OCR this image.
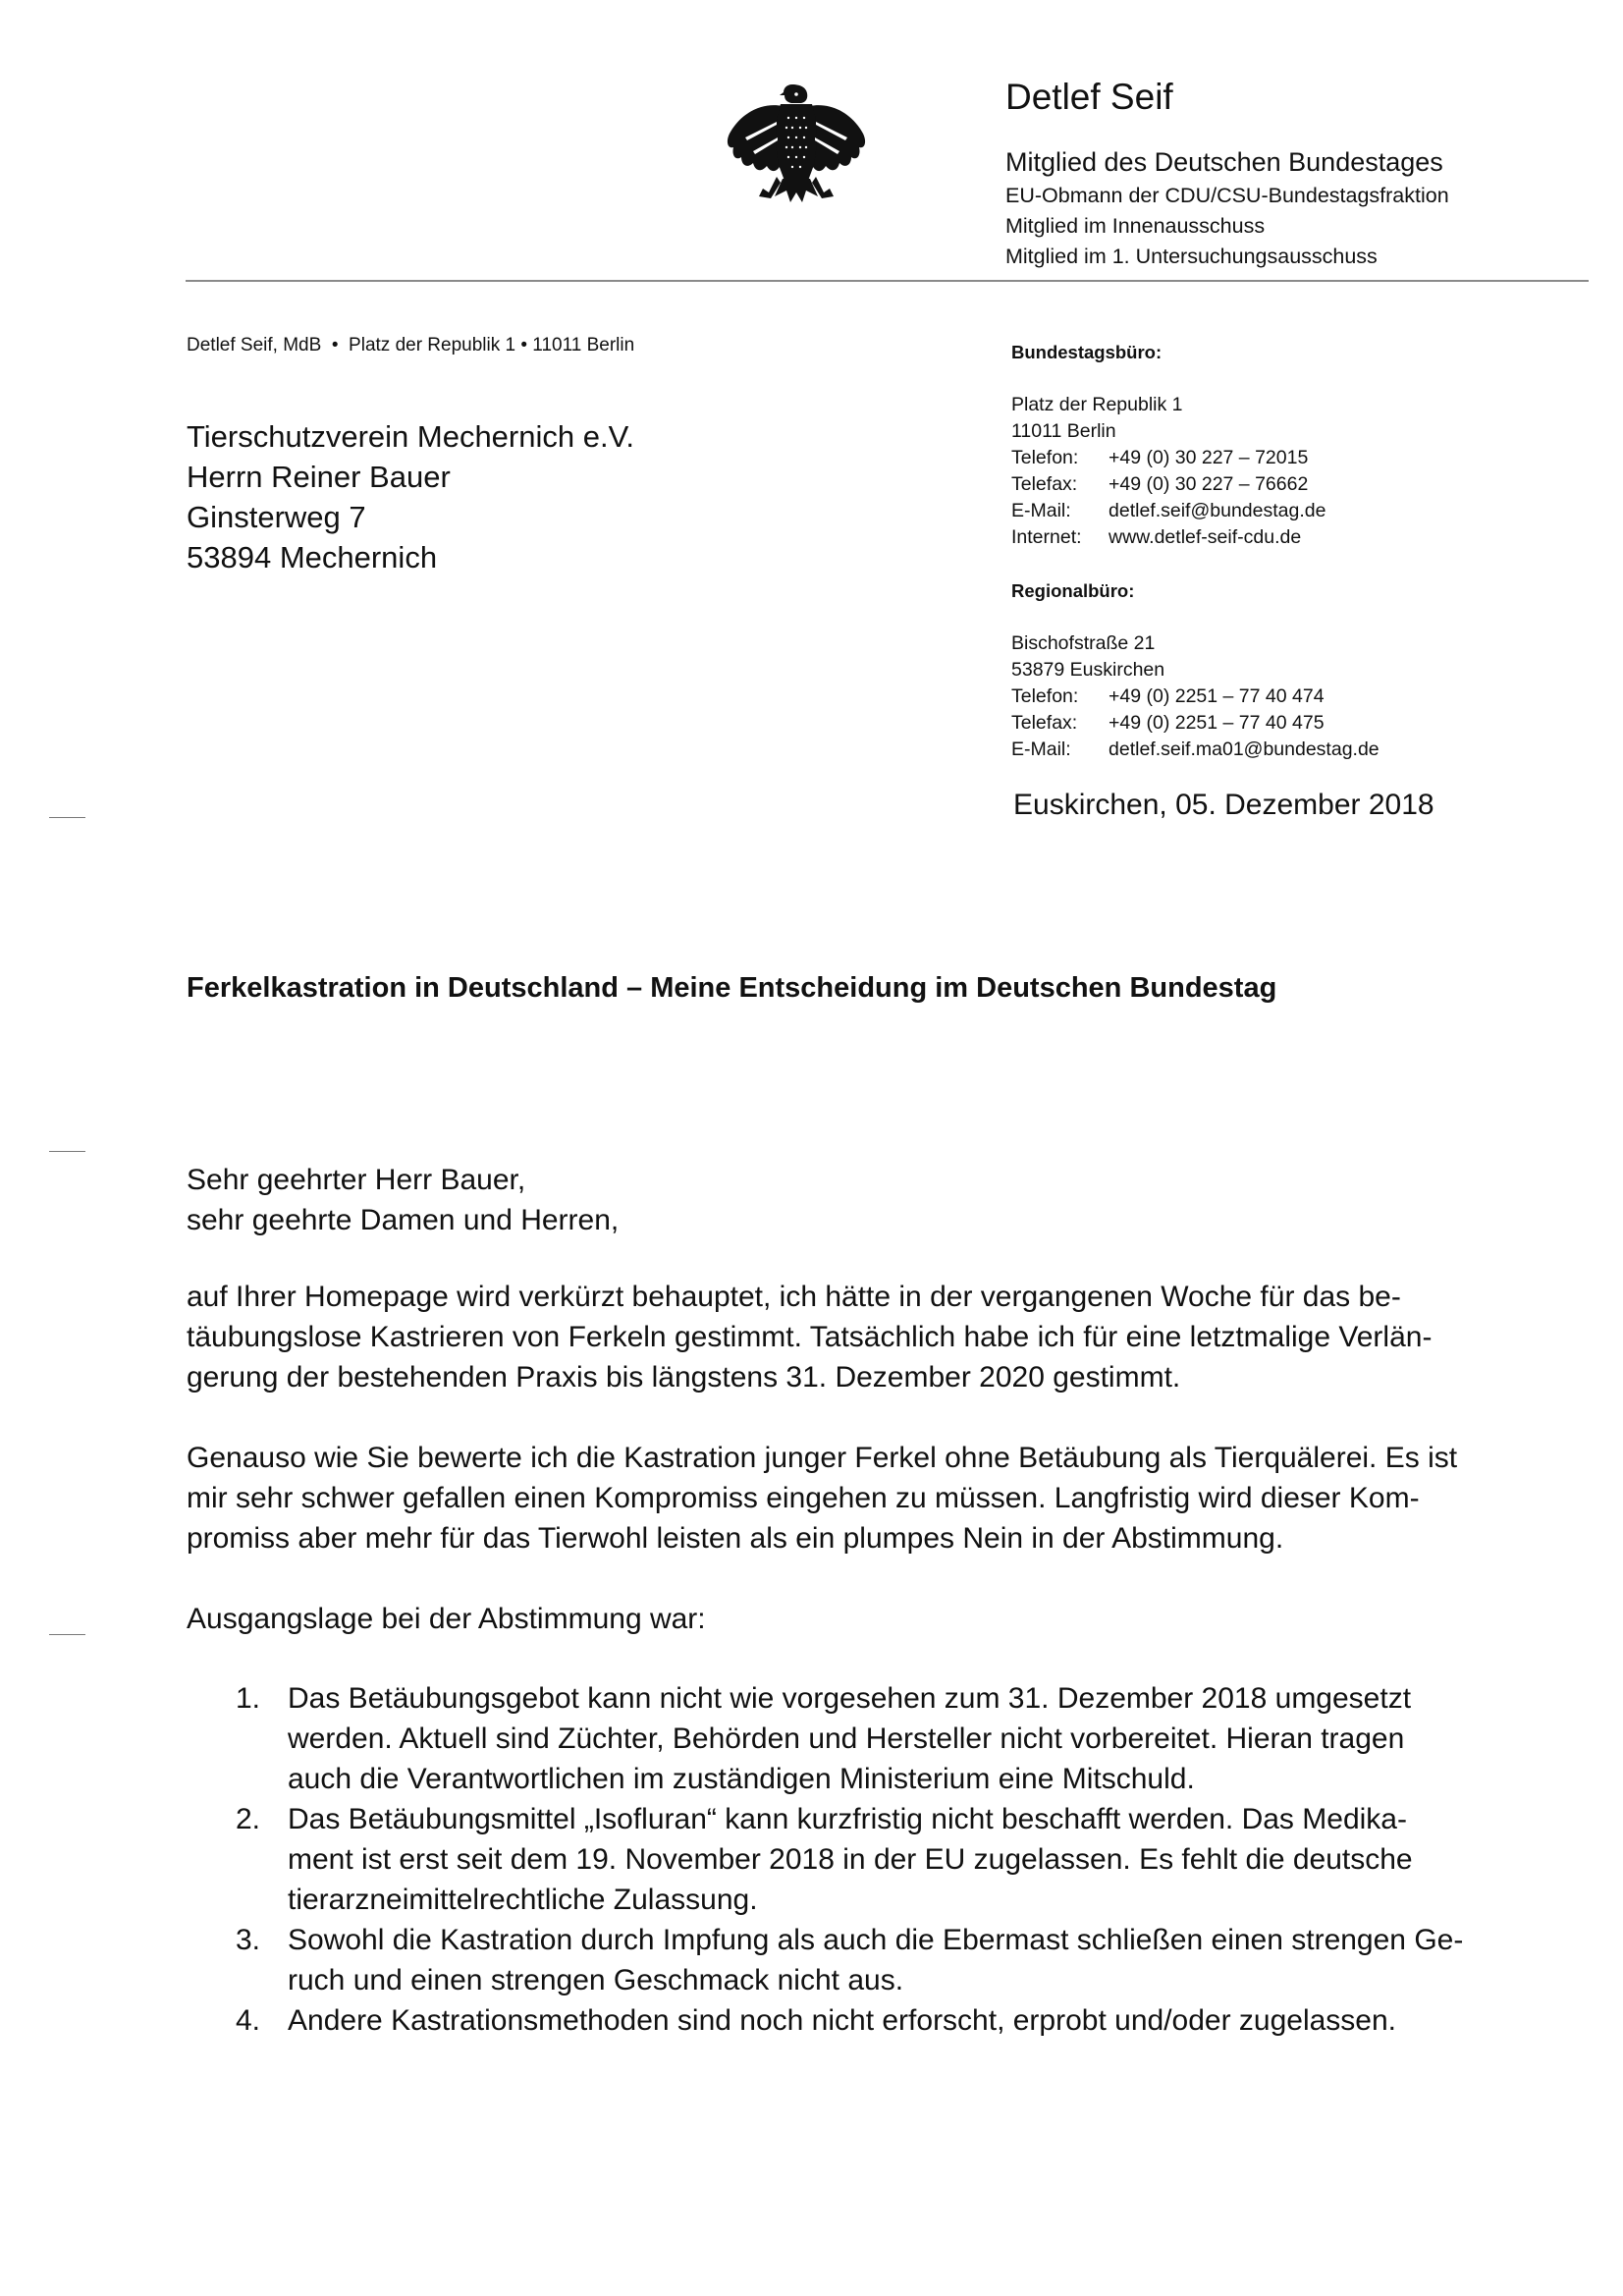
Detlef Seif
Mitglied des Deutschen Bundestages
EU-Obmann der CDU/CSU-Bundestagsfraktion
Mitglied im Innenausschuss
Mitglied im 1. Untersuchungsausschuss
Detlef Seif, MdB  •  Platz der Republik 1 • 11011 Berlin
Tierschutzverein Mechernich e.V.
Herrn Reiner Bauer
Ginsterweg 7
53894 Mechernich
Bundestagsbüro:
Platz der Republik 1
11011 Berlin
Telefon:	+49 (0) 30 227 – 72015
Telefax:	+49 (0) 30 227 – 76662
E-Mail:	detlef.seif@bundestag.de
Internet:	www.detlef-seif-cdu.de
Regionalbüro:
Bischofstraße 21
53879 Euskirchen
Telefon:	+49 (0) 2251 – 77 40 474
Telefax:	+49 (0) 2251 – 77 40 475
E-Mail:	detlef.seif.ma01@bundestag.de
Euskirchen, 05. Dezember 2018
Ferkelkastration in Deutschland – Meine Entscheidung im Deutschen Bundestag
Sehr geehrter Herr Bauer,
sehr geehrte Damen und Herren,
auf Ihrer Homepage wird verkürzt behauptet, ich hätte in der vergangenen Woche für das be-
täubungslose Kastrieren von Ferkeln gestimmt. Tatsächlich habe ich für eine letztmalige Verlän-
gerung der bestehenden Praxis bis längstens 31. Dezember 2020 gestimmt.
Genauso wie Sie bewerte ich die Kastration junger Ferkel ohne Betäubung als Tierquälerei. Es ist
mir sehr schwer gefallen einen Kompromiss eingehen zu müssen. Langfristig wird dieser Kom-
promiss aber mehr für das Tierwohl leisten als ein plumpes Nein in der Abstimmung.
Ausgangslage bei der Abstimmung war:
1. Das Betäubungsgebot kann nicht wie vorgesehen zum 31. Dezember 2018 umgesetzt
werden. Aktuell sind Züchter, Behörden und Hersteller nicht vorbereitet. Hieran tragen
auch die Verantwortlichen im zuständigen Ministerium eine Mitschuld.
2. Das Betäubungsmittel „Isofluran“ kann kurzfristig nicht beschafft werden. Das Medika-
ment ist erst seit dem 19. November 2018 in der EU zugelassen. Es fehlt die deutsche
tierarzneimittelrechtliche Zulassung.
3. Sowohl die Kastration durch Impfung als auch die Ebermast schließen einen strengen Ge-
ruch und einen strengen Geschmack nicht aus.
4. Andere Kastrationsmethoden sind noch nicht erforscht, erprobt und/oder zugelassen.
